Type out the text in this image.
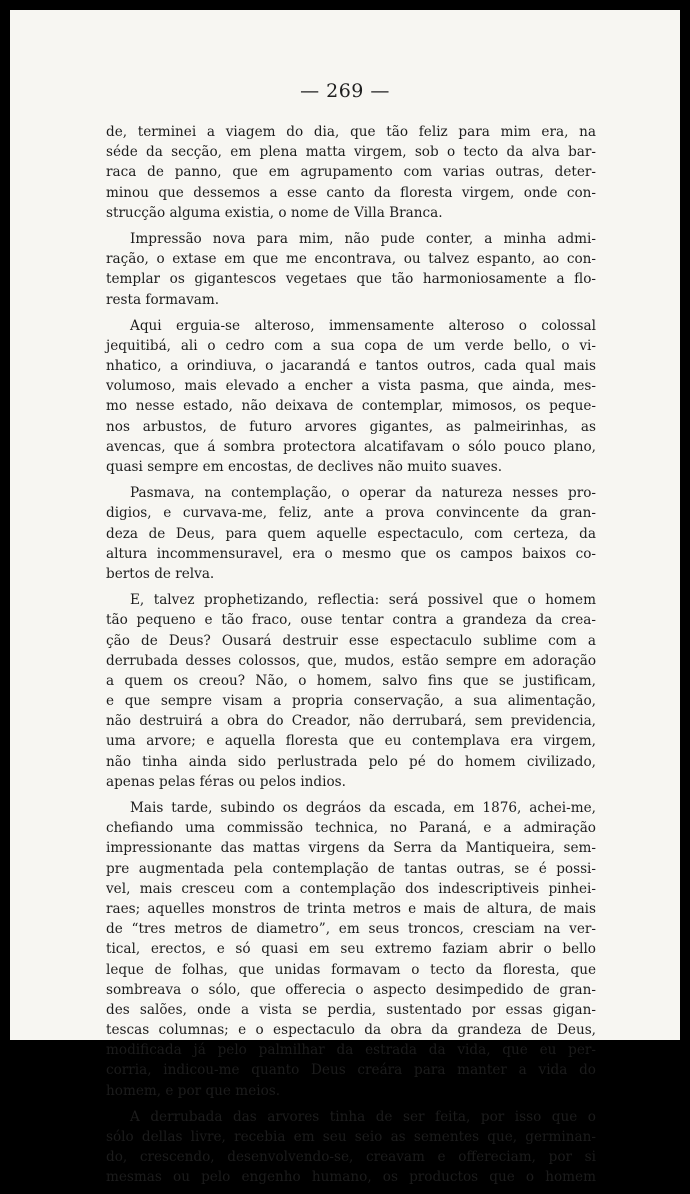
— 269 —
de, terminei a viagem do dia, que tão feliz para mim era, na
séde da secção, em plena matta virgem, sob o tecto da alva bar-
raca de panno, que em agrupamento com varias outras, deter-
minou que dessemos a esse canto da floresta virgem, onde con-
strucção alguma existia, o nome de Villa Branca.
Impressão nova para mim, não pude conter, a minha admi-
ração, o extase em que me encontrava, ou talvez espanto, ao con-
templar os gigantescos vegetaes que tão harmoniosamente a flo-
resta formavam.
Aqui erguia-se alteroso, immensamente alteroso o colossal
jequitibá, ali o cedro com a sua copa de um verde bello, o vi-
nhatico, a orindiuva, o jacarandá e tantos outros, cada qual mais
volumoso, mais elevado a encher a vista pasma, que ainda, mes-
mo nesse estado, não deixava de contemplar, mimosos, os peque-
nos arbustos, de futuro arvores gigantes, as palmeirinhas, as
avencas, que á sombra protectora alcatifavam o sólo pouco plano,
quasi sempre em encostas, de declives não muito suaves.
Pasmava, na contemplação, o operar da natureza nesses pro-
digios, e curvava-me, feliz, ante a prova convincente da gran-
deza de Deus, para quem aquelle espectaculo, com certeza, da
altura incommensuravel, era o mesmo que os campos baixos co-
bertos de relva.
E, talvez prophetizando, reflectia: será possivel que o homem
tão pequeno e tão fraco, ouse tentar contra a grandeza da crea-
ção de Deus? Ousará destruir esse espectaculo sublime com a
derrubada desses colossos, que, mudos, estão sempre em adoração
a quem os creou? Não, o homem, salvo fins que se justificam,
e que sempre visam a propria conservação, a sua alimentação,
não destruirá a obra do Creador, não derrubará, sem previdencia,
uma arvore; e aquella floresta que eu contemplava era virgem,
não tinha ainda sido perlustrada pelo pé do homem civilizado,
apenas pelas féras ou pelos indios.
Mais tarde, subindo os degráos da escada, em 1876, achei-me,
chefiando uma commissão technica, no Paraná, e a admiração
impressionante das mattas virgens da Serra da Mantiqueira, sem-
pre augmentada pela contemplação de tantas outras, se é possi-
vel, mais cresceu com a contemplação dos indescriptiveis pinhei-
raes; aquelles monstros de trinta metros e mais de altura, de mais
de “tres metros de diametro”, em seus troncos, cresciam na ver-
tical, erectos, e só quasi em seu extremo faziam abrir o bello
leque de folhas, que unidas formavam o tecto da floresta, que
sombreava o sólo, que offerecia o aspecto desimpedido de gran-
des salões, onde a vista se perdia, sustentado por essas gigan-
tescas columnas; e o espectaculo da obra da grandeza de Deus,
modificada já pelo palmilhar da estrada da vida, que eu per-
corria, indicou-me quanto Deus creára para manter a vida do
homem, e por que meios.
A derrubada das arvores tinha de ser feita, por isso que o
sólo dellas livre, recebia em seu seio as sementes que, germinan-
do, crescendo, desenvolvendo-se, creavam e offereciam, por si
mesmas ou pelo engenho humano, os productos que o homem
